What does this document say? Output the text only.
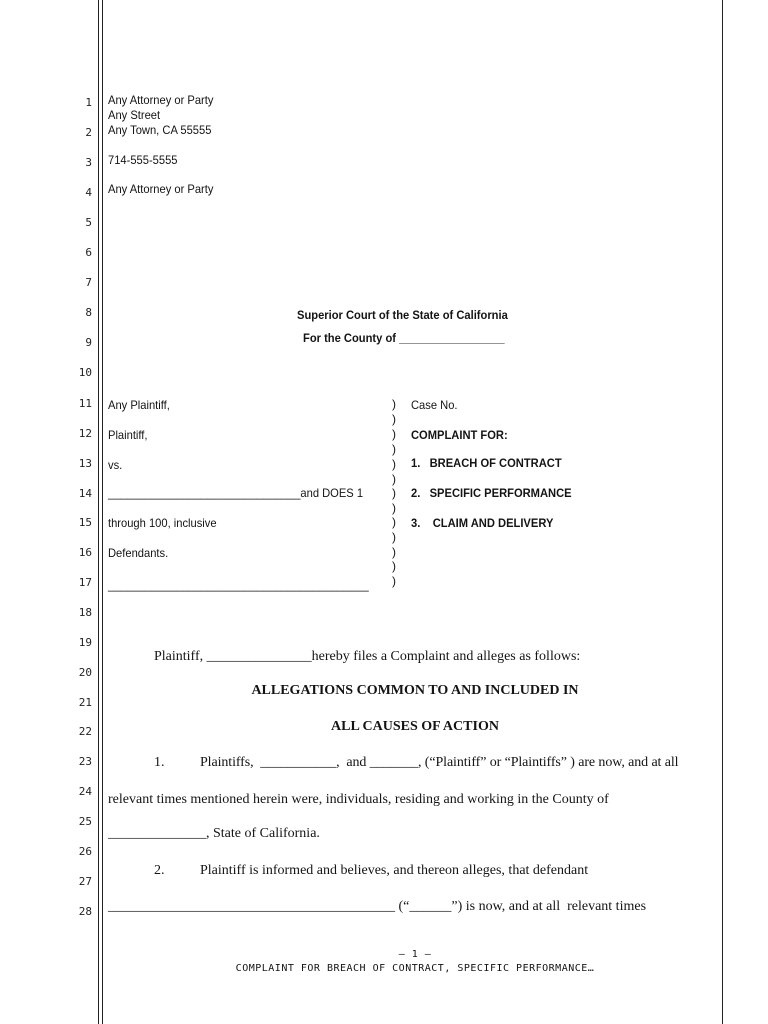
1
2
3
4
5
6
7
8
9
10
11
12
13
14
15
16
17
18
19
20
21
22
23
24
25
26
27
28
Any Attorney or Party
Any Street
Any Town, CA 55555
714-555-5555
Any Attorney or Party
Superior Court of the State of California
For the County of _________________
Any Plaintiff,
Plaintiff,
vs.
_______________________________and DOES 1
through 100, inclusive
Defendants.
__________________________________________
)
)
)
)
)
)
)
)
)
)
)
)
)
Case No.
COMPLAINT FOR:
1.   BREACH OF CONTRACT
2.   SPECIFIC PERFORMANCE
3.    CLAIM AND DELIVERY
Plaintiff, _______________hereby files a Complaint and alleges as follows:
ALLEGATIONS COMMON TO AND INCLUDED IN
ALL CAUSES OF ACTION
1.	Plaintiffs,  ___________,  and _______, (“Plaintiff” or “Plaintiffs” ) are now, and at all
relevant times mentioned herein were, individuals, residing and working in the County of
______________, State of California.
2.	Plaintiff is informed and believes, and thereon alleges, that defendant
_________________________________________ (“______”) is now, and at all  relevant times
– 1 –
COMPLAINT FOR BREACH OF CONTRACT, SPECIFIC PERFORMANCE…
